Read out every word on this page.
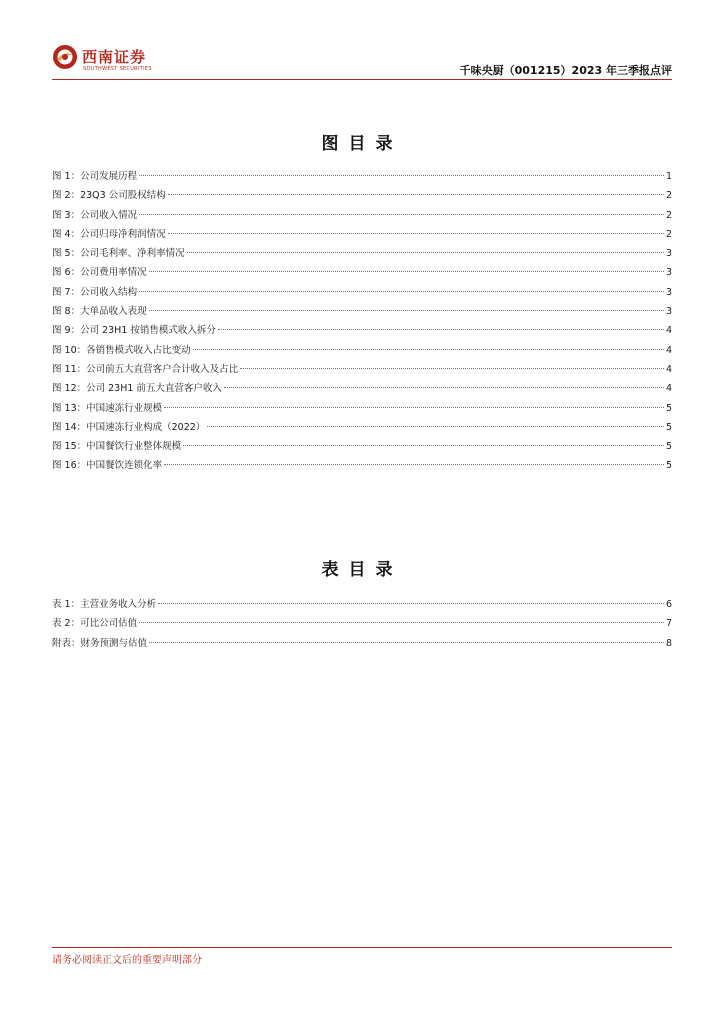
西南证券
SOUTHWEST SECURITIES	千味央厨（001215）2023 年三季报点评
图目录
图 1：公司发展历程	1
图 2：23Q3 公司股权结构	2
图 3：公司收入情况	2
图 4：公司归母净利润情况	2
图 5：公司毛利率、净利率情况	3
图 6：公司费用率情况	3
图 7：公司收入结构	3
图 8：大单品收入表现	3
图 9：公司 23H1 按销售模式收入拆分	4
图 10：各销售模式收入占比变动	4
图 11：公司前五大直营客户合计收入及占比	4
图 12：公司 23H1 前五大直营客户收入	4
图 13：中国速冻行业规模	5
图 14：中国速冻行业构成（2022）	5
图 15：中国餐饮行业整体规模	5
图 16：中国餐饮连锁化率	5
表目录
表 1：主营业务收入分析	6
表 2：可比公司估值	7
附表：财务预测与估值	8
请务必阅读正文后的重要声明部分
